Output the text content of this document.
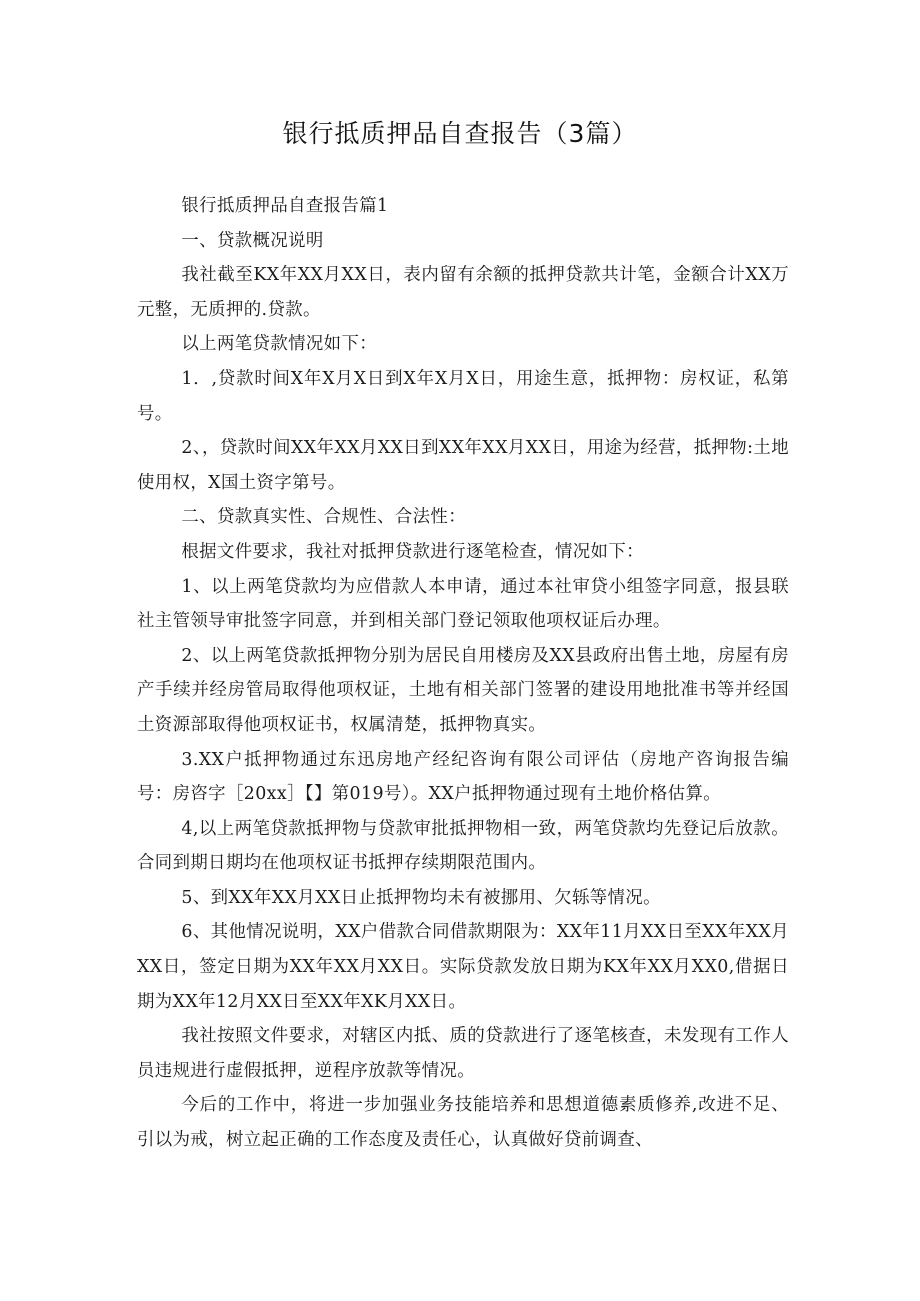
银行抵质押品自查报告（3篇）

银行抵质押品自查报告篇1

一、贷款概况说明

我社截至KX年XX月XX日，表内留有余额的抵押贷款共计笔，金额合计XX万元整，无质押的.贷款。

以上两笔贷款情况如下：

1．,贷款时间X年X月X日到X年X月X日，用途生意，抵押物：房权证，私第号。

2、，贷款时间XX年XX月XX日到XX年XX月XX日，用途为经营，抵押物:土地使用权，X国土资字第号。

二、贷款真实性、合规性、合法性：

根据文件要求，我社对抵押贷款进行逐笔检查，情况如下：

1、以上两笔贷款均为应借款人本申请，通过本社审贷小组签字同意，报县联社主管领导审批签字同意，并到相关部门登记领取他项权证后办理。

2、以上两笔贷款抵押物分别为居民自用楼房及XX县政府出售土地，房屋有房产手续并经房管局取得他项权证，土地有相关部门签署的建设用地批准书等并经国土资源部取得他项权证书，权属清楚，抵押物真实。

3.XX户抵押物通过东迅房地产经纪咨询有限公司评估（房地产咨询报告编号：房咨字［20xx］【】第019号）。XX户抵押物通过现有土地价格估算。

4,以上两笔贷款抵押物与贷款审批抵押物相一致，两笔贷款均先登记后放款。合同到期日期均在他项权证书抵押存续期限范围内。

5、到XX年XX月XX日止抵押物均未有被挪用、欠轹等情况。

6、其他情况说明，XX户借款合同借款期限为：XX年11月XX日至XX年XX月XX日，签定日期为XX年XX月XX日。实际贷款发放日期为KX年XX月XX0,借据日期为XX年12月XX日至XX年XK月XX日。

我社按照文件要求，对辖区内抵、质的贷款进行了逐笔核查，未发现有工作人员违规进行虚假抵押，逆程序放款等情况。

今后的工作中，将进一步加强业务技能培养和思想道德素质修养,改进不足、引以为戒，树立起正确的工作态度及责任心，认真做好贷前调查、
